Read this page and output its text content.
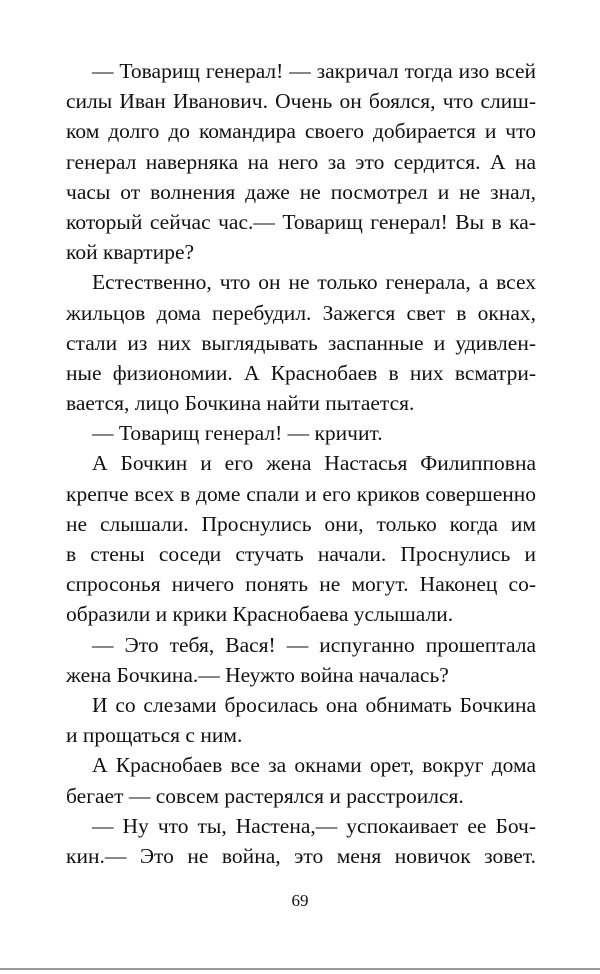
— Товарищ генерал! — закричал тогда изо всей
силы Иван Иванович. Очень он боялся, что слиш-
ком долго до командира своего добирается и что
генерал наверняка на него за это сердится. А на
часы от волнения даже не посмотрел и не знал,
который сейчас час.— Товарищ генерал! Вы в ка-
кой квартире?
Естественно, что он не только генерала, а всех
жильцов дома перебудил. Зажегся свет в окнах,
стали из них выглядывать заспанные и удивлен-
ные физиономии. А Краснобаев в них всматри-
вается, лицо Бочкина найти пытается.
— Товарищ генерал! — кричит.
А Бочкин и его жена Настасья Филипповна
крепче всех в доме спали и его криков совершенно
не слышали. Проснулись они, только когда им
в стены соседи стучать начали. Проснулись и
спросонья ничего понять не могут. Наконец со-
образили и крики Краснобаева услышали.
— Это тебя, Вася! — испуганно прошептала
жена Бочкина.— Неужто война началась?
И со слезами бросилась она обнимать Бочкина
и прощаться с ним.
А Краснобаев все за окнами орет, вокруг дома
бегает — совсем растерялся и расстроился.
— Ну что ты, Настена,— успокаивает ее Боч-
кин.— Это не война, это меня новичок зовет.
69
